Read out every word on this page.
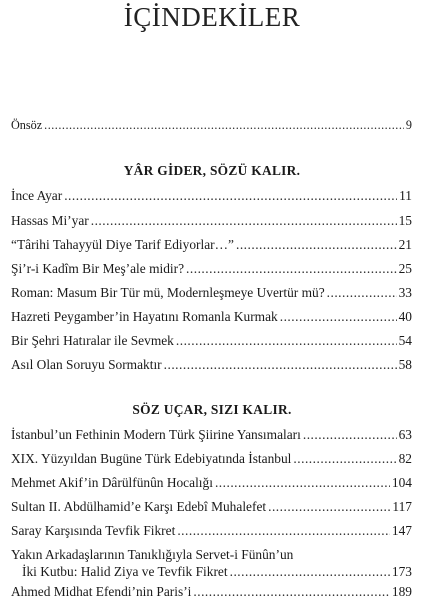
İÇİNDEKİLER
Önsöz .....	9
YÂR GİDER, SÖZÜ KALIR.
İnce Ayar .....	11
Hassas Mi’yar .....	15
“Târihi Tahayyül Diye Tarif Ediyorlar…” .....	21
Şi’r-i Kadîm Bir Meş’ale midir? .....	25
Roman: Masum Bir Tür mü, Modernleşmeye Uvertür mü? .....	33
Hazreti Peygamber’in Hayatını Romanla Kurmak .....	40
Bir Şehri Hatıralar ile Sevmek .....	54
Asıl Olan Soruyu Sormaktır .....	58
SÖZ UÇAR, SIZI KALIR.
İstanbul’un Fethinin Modern Türk Şiirine Yansımaları .....	63
XIX. Yüzyıldan Bugüne Türk Edebiyatında İstanbul .....	82
Mehmet Akif’in Dârülfünûn Hocalığı .....	104
Sultan II. Abdülhamid’e Karşı Edebî Muhalefet .....	117
Saray Karşısında Tevfik Fikret .....	147
Yakın Arkadaşlarının Tanıklığıyla Servet-i Fünûn’un
İki Kutbu: Halid Ziya ve Tevfik Fikret .....	173
Ahmed Midhat Efendi’nin Paris’i .....	189
